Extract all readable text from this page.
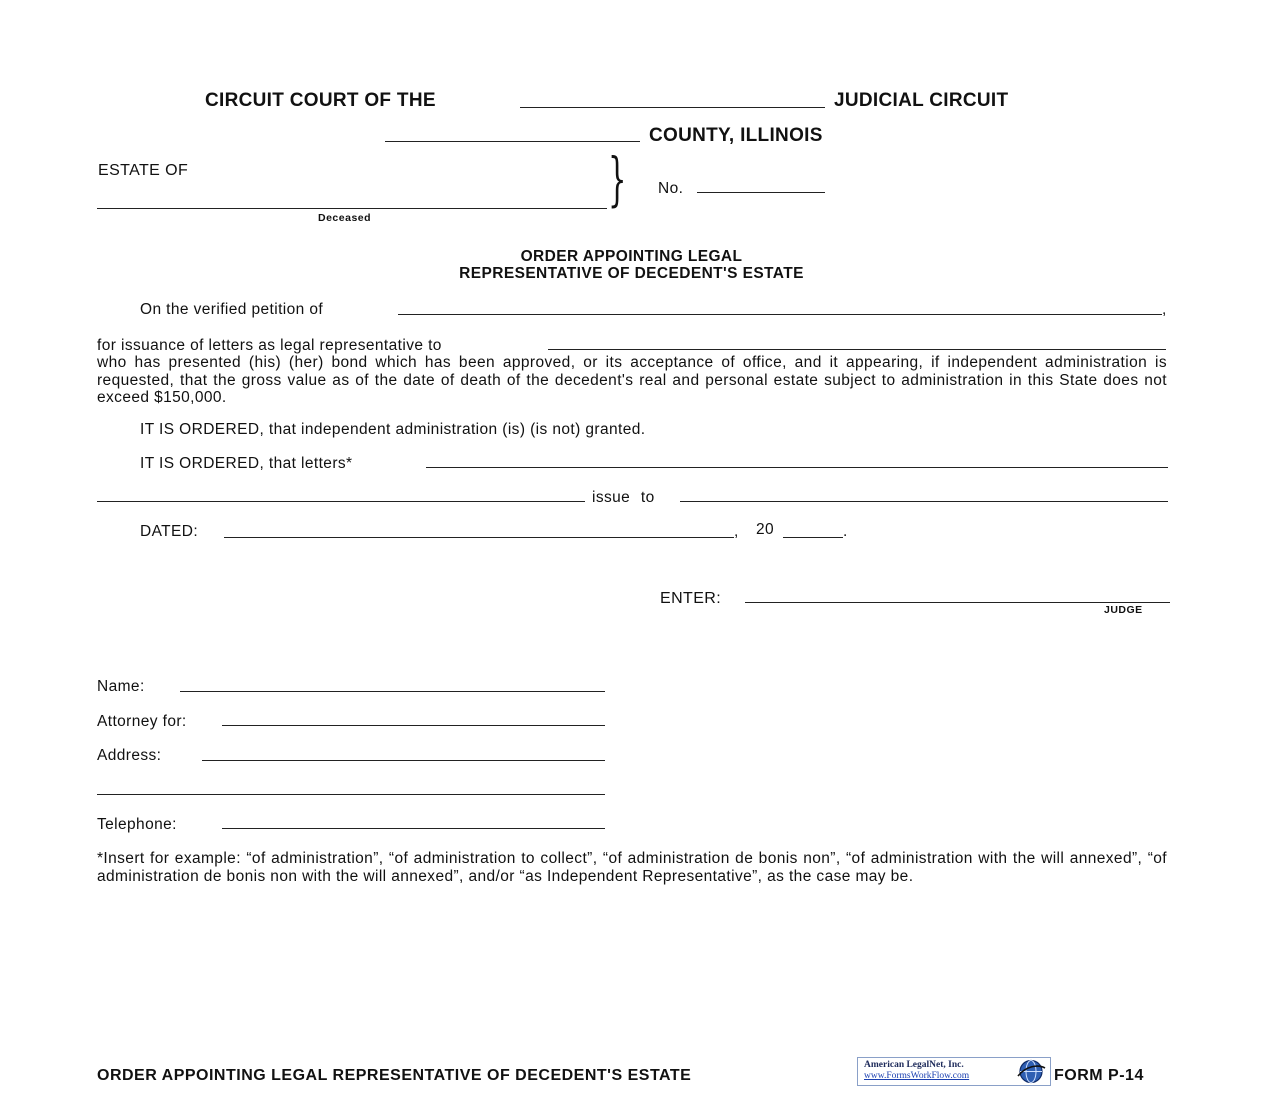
CIRCUIT COURT OF THE	JUDICIAL CIRCUIT
COUNTY, ILLINOIS
ESTATE OF
Deceased
} No.
ORDER APPOINTING LEGAL
REPRESENTATIVE OF DECEDENT'S ESTATE
On the verified petition of	,
for issuance of letters as legal representative to
who has presented (his) (her) bond which has been approved, or its acceptance of office, and it appearing, if independent administration is requested, that the gross value as of the date of death of the decedent's real and personal estate subject to administration in this State does not exceed $150,000.
IT IS ORDERED, that independent administration (is) (is not) granted.
IT IS ORDERED, that letters*
issue to
DATED:	, 20	.
ENTER:
JUDGE
Name:
Attorney for:
Address:
Telephone:
*Insert for example: “of administration”, “of administration to collect”, “of administration de bonis non”, “of administration with the will annexed”, “of administration de bonis non with the will annexed”, and/or “as Independent Representative”, as the case may be.
ORDER APPOINTING LEGAL REPRESENTATIVE OF DECEDENT'S ESTATE
American LegalNet, Inc.
www.FormsWorkFlow.com	FORM P-14
